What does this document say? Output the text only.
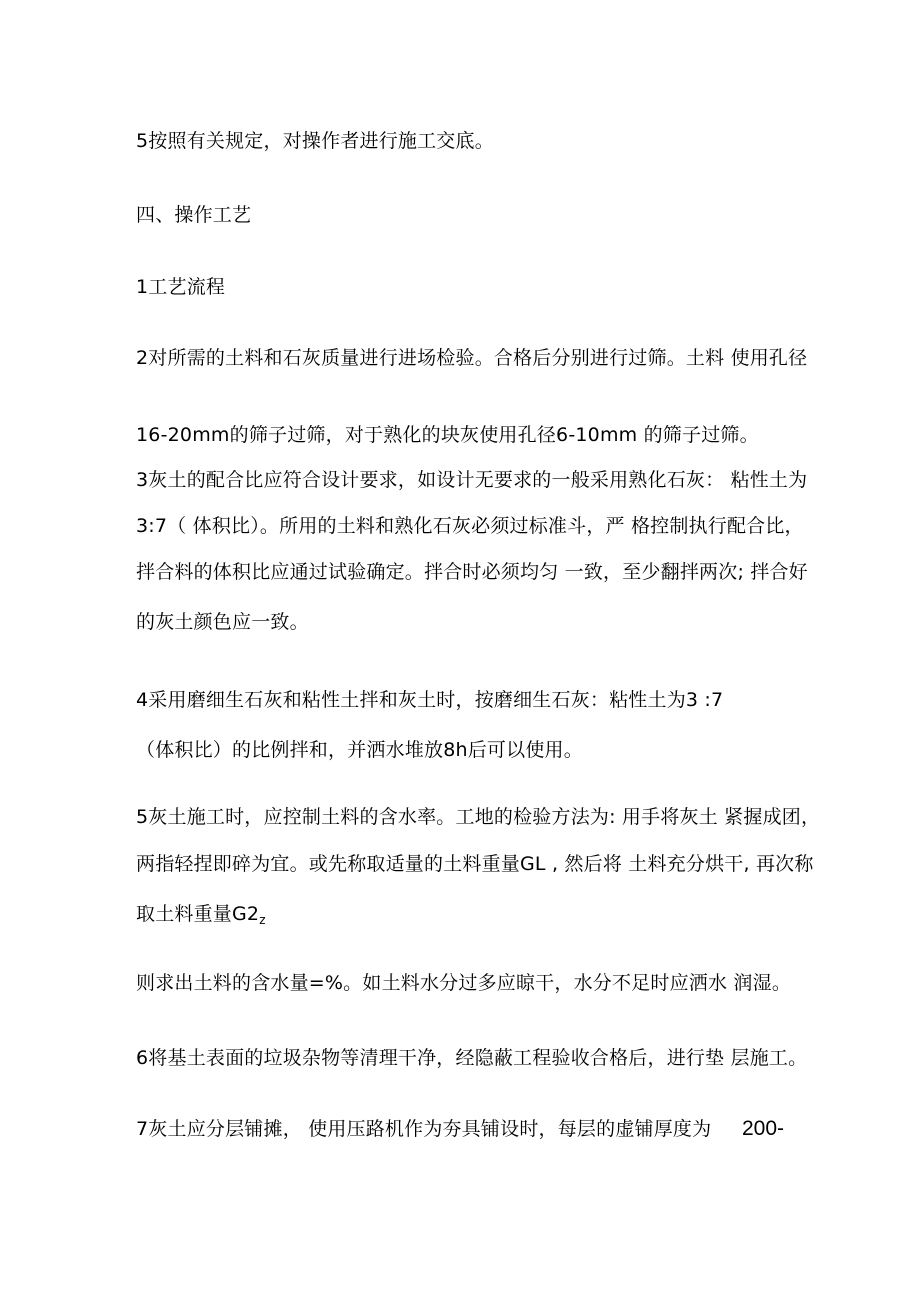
5按照有关规定，对操作者进行施工交底。
四、操作工艺
1工艺流程
2对所需的土料和石灰质量进行进场检验。合格后分别进行过筛。土料 使用孔径
16-20mm的筛子过筛，对于熟化的块灰使用孔径6-10mm 的筛子过筛。
3灰土的配合比应符合设计要求，如设计无要求的一般采用熟化石灰： 粘性土为
3:7（ 体积比）。所用的土料和熟化石灰必须过标准斗，严 格控制执行配合比，
拌合料的体积比应通过试验确定。拌合时必须均匀 一致，至少翻拌两次; 拌合好
的灰土颜色应一致。
4采用磨细生石灰和粘性土拌和灰土时，按磨细生石灰：粘性土为3 :7
（体积比）的比例拌和，并洒水堆放8h后可以使用。
5灰土施工时，应控制土料的含水率。工地的检验方法为: 用手将灰土 紧握成团，
两指轻捏即碎为宜。或先称取适量的土料重量GL , 然后将 土料充分烘干, 再次称
取土料重量$G2_z$
则求出土料的含水量=%。如土料水分过多应晾干，水分不足时应洒水 润湿。
6将基土表面的垃圾杂物等清理干净，经隐蔽工程验收合格后，进行垫 层施工。
7灰土应分层铺摊， 使用压路机作为夯具铺设时，每层的虚铺厚度为 200-
